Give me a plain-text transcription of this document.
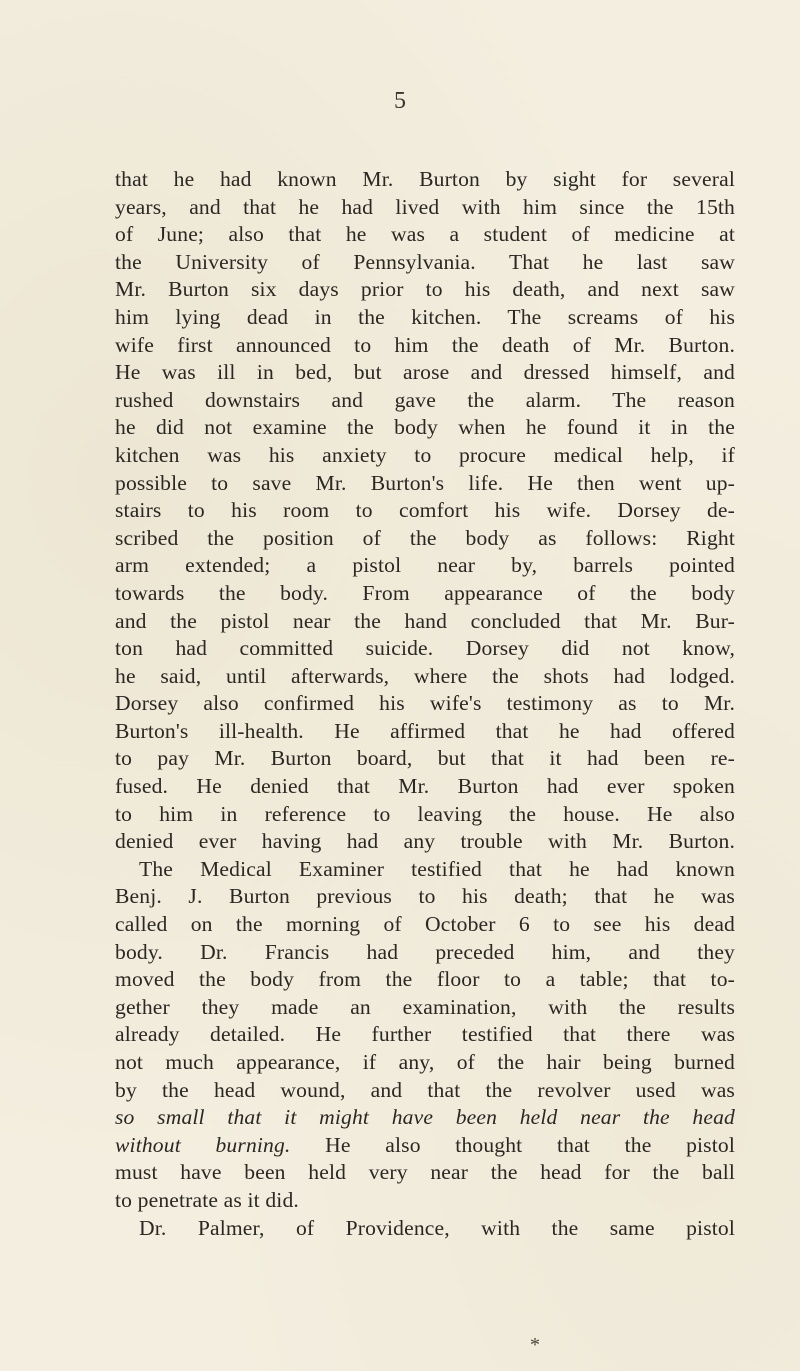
5
that he had known Mr. Burton by sight for several
years, and that he had lived with him since the 15th
of June; also that he was a student of medicine at
the University of Pennsylvania. That he last saw
Mr. Burton six days prior to his death, and next saw
him lying dead in the kitchen. The screams of his
wife first announced to him the death of Mr. Burton.
He was ill in bed, but arose and dressed himself, and
rushed downstairs and gave the alarm. The reason
he did not examine the body when he found it in the
kitchen was his anxiety to procure medical help, if
possible to save Mr. Burton's life. He then went up-
stairs to his room to comfort his wife. Dorsey de-
scribed the position of the body as follows: Right
arm extended; a pistol near by, barrels pointed
towards the body. From appearance of the body
and the pistol near the hand concluded that Mr. Bur-
ton had committed suicide. Dorsey did not know,
he said, until afterwards, where the shots had lodged.
Dorsey also confirmed his wife's testimony as to Mr.
Burton's ill-health. He affirmed that he had offered
to pay Mr. Burton board, but that it had been re-
fused. He denied that Mr. Burton had ever spoken
to him in reference to leaving the house. He also
denied ever having had any trouble with Mr. Burton.
The Medical Examiner testified that he had known
Benj. J. Burton previous to his death; that he was
called on the morning of October 6 to see his dead
body. Dr. Francis had preceded him, and they
moved the body from the floor to a table; that to-
gether they made an examination, with the results
already detailed. He further testified that there was
not much appearance, if any, of the hair being burned
by the head wound, and that the revolver used was
so small that it might have been held near the head
without burning. He also thought that the pistol
must have been held very near the head for the ball
to penetrate as it did.
Dr. Palmer, of Providence, with the same pistol
*
